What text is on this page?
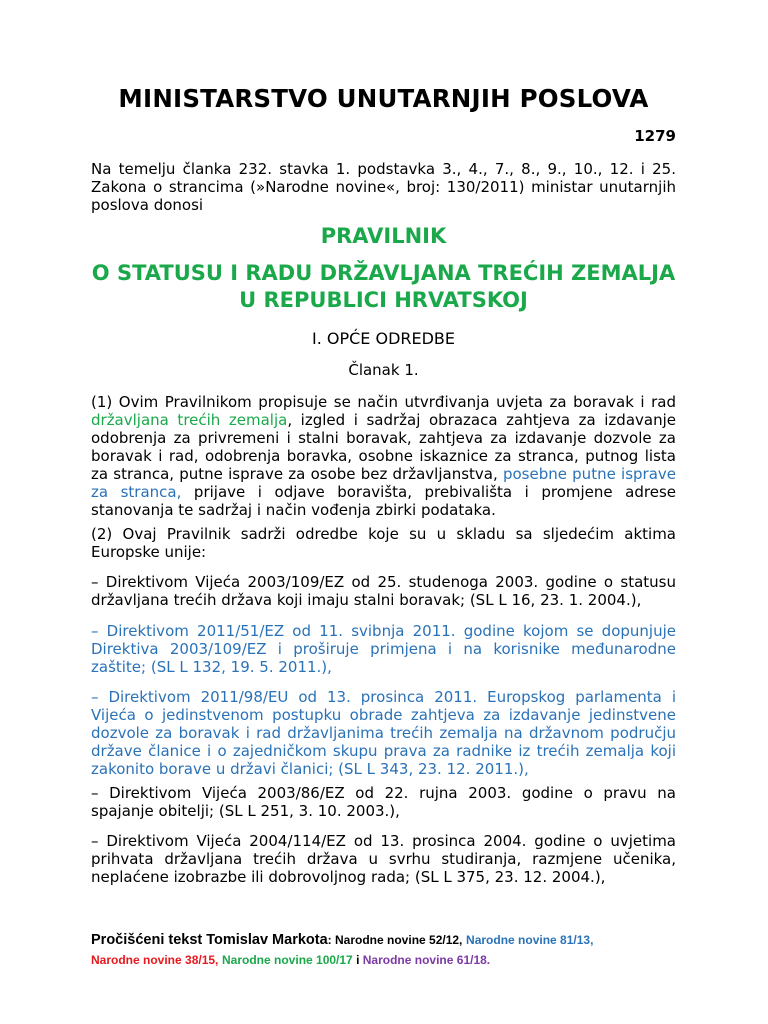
MINISTARSTVO UNUTARNJIH POSLOVA
1279

Na temelju članka 232. stavka 1. podstavka 3., 4., 7., 8., 9., 10., 12. i 25. Zakona o strancima (»Narodne novine«, broj: 130/2011) ministar unutarnjih poslova donosi

PRAVILNIK
O STATUSU I RADU DRŽAVLJANA TREĆIH ZEMALJA U REPUBLICI HRVATSKOJ
I. OPĆE ODREDBE
Članak 1.

(1) Ovim Pravilnikom propisuje se način utvrđivanja uvjeta za boravak i rad državljana trećih zemalja, izgled i sadržaj obrazaca zahtjeva za izdavanje odobrenja za privremeni i stalni boravak, zahtjeva za izdavanje dozvole za boravak i rad, odobrenja boravka, osobne iskaznice za stranca, putnog lista za stranca, putne isprave za osobe bez državljanstva, posebne putne isprave za stranca, prijave i odjave boravišta, prebivališta i promjene adrese stanovanja te sadržaj i način vođenja zbirki podataka.

(2) Ovaj Pravilnik sadrži odredbe koje su u skladu sa sljedećim aktima Europske unije:

– Direktivom Vijeća 2003/109/EZ od 25. studenoga 2003. godine o statusu državljana trećih država koji imaju stalni boravak; (SL L 16, 23. 1. 2004.),

– Direktivom 2011/51/EZ od 11. svibnja 2011. godine kojom se dopunjuje Direktiva 2003/109/EZ i proširuje primjena i na korisnike međunarodne zaštite; (SL L 132, 19. 5. 2011.),

– Direktivom 2011/98/EU od 13. prosinca 2011. Europskog parlamenta i Vijeća o jedinstvenom postupku obrade zahtjeva za izdavanje jedinstvene dozvole za boravak i rad državljanima trećih zemalja na državnom području države članice i o zajedničkom skupu prava za radnike iz trećih zemalja koji zakonito borave u državi članici; (SL L 343, 23. 12. 2011.),

– Direktivom Vijeća 2003/86/EZ od 22. rujna 2003. godine o pravu na spajanje obitelji; (SL L 251, 3. 10. 2003.),

– Direktivom Vijeća 2004/114/EZ od 13. prosinca 2004. godine o uvjetima prihvata državljana trećih država u svrhu studiranja, razmjene učenika, neplaćene izobrazbe ili dobrovoljnog rada; (SL L 375, 23. 12. 2004.),

Pročišćeni tekst Tomislav Markota: Narodne novine 52/12, Narodne novine 81/13,
Narodne novine 38/15, Narodne novine 100/17 i Narodne novine 61/18.
